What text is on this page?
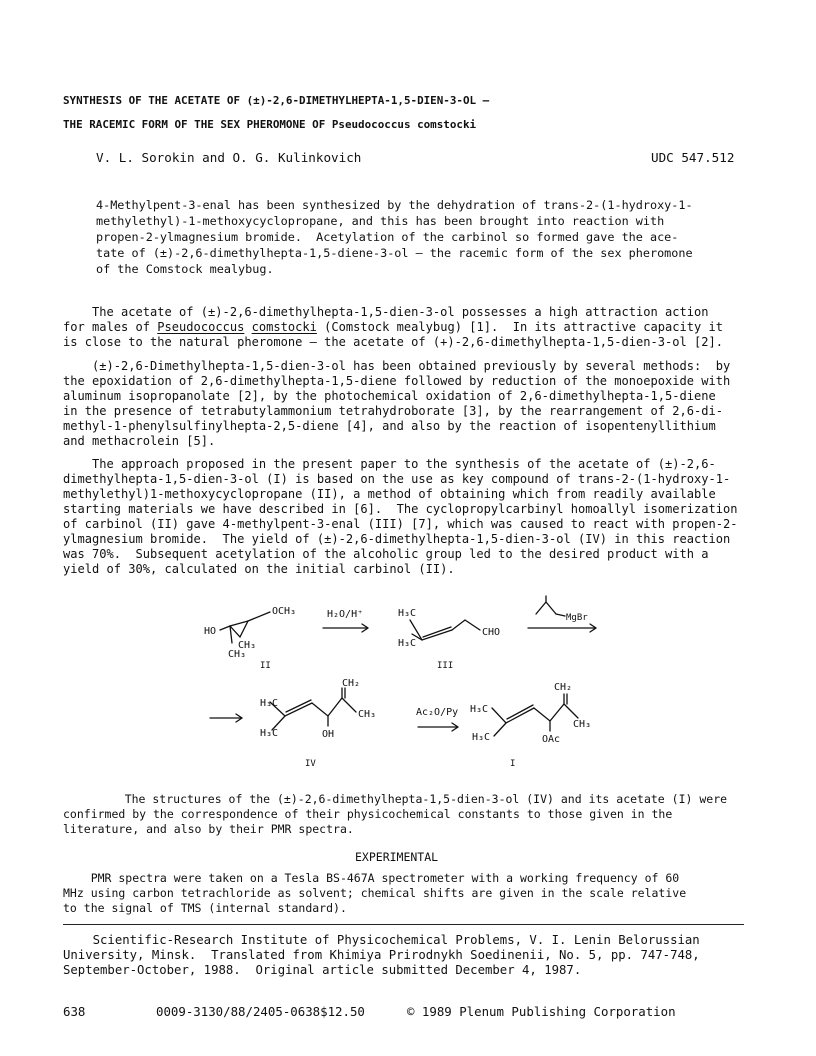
SYNTHESIS OF THE ACETATE OF (±)-2,6-DIMETHYLHEPTA-1,5-DIEN-3-OL —
THE RACEMIC FORM OF THE SEX PHEROMONE OF Pseudococcus comstocki
V. L. Sorokin and O. G. Kulinkovich	UDC 547.512
4-Methylpent-3-enal has been synthesized by the dehydration of trans-2-(1-hydroxy-1-
methylethyl)-1-methoxycyclopropane, and this has been brought into reaction with
propen-2-ylmagnesium bromide.  Acetylation of the carbinol so formed gave the ace-
tate of (±)-2,6-dimethylhepta-1,5-diene-3-ol — the racemic form of the sex pheromone
of the Comstock mealybug.
The acetate of (±)-2,6-dimethylhepta-1,5-dien-3-ol possesses a high attraction action
for males of Pseudococcus comstocki (Comstock mealybug) [1].  In its attractive capacity it
is close to the natural pheromone — the acetate of (+)-2,6-dimethylhepta-1,5-dien-3-ol [2].
(±)-2,6-Dimethylhepta-1,5-dien-3-ol has been obtained previously by several methods:  by
the epoxidation of 2,6-dimethylhepta-1,5-diene followed by reduction of the monoepoxide with
aluminum isopropanolate [2], by the photochemical oxidation of 2,6-dimethylhepta-1,5-diene
in the presence of tetrabutylammonium tetrahydroborate [3], by the rearrangement of 2,6-di-
methyl-1-phenylsulfinylhepta-2,5-diene [4], and also by the reaction of isopentenyllithium
and methacrolein [5].
The approach proposed in the present paper to the synthesis of the acetate of (±)-2,6-
dimethylhepta-1,5-dien-3-ol (I) is based on the use as key compound of trans-2-(1-hydroxy-1-
methylethyl)1-methoxycyclopropane (II), a method of obtaining which from readily available
starting materials we have described in [6].  The cyclopropylcarbinyl homoallyl isomerization
of carbinol (II) gave 4-methylpent-3-enal (III) [7], which was caused to react with propen-2-
ylmagnesium bromide.  The yield of (±)-2,6-dimethylhepta-1,5-dien-3-ol (IV) in this reaction
was 70%.  Subsequent acetylation of the alcoholic group led to the desired product with a
yield of 30%, calculated on the initial carbinol (II).
OCH₃
HO
CH₃
CH₃
II
H₂O/H⁺	H₃C
H₃C
CHO
III
MgBr
CH₂
H₃C
CH₃
H₃C	OH
IV
Ac₂O/Py
CH₂
H₃C
CH₃
H₃C	OAc
I
The structures of the (±)-2,6-dimethylhepta-1,5-dien-3-ol (IV) and its acetate (I) were
confirmed by the correspondence of their physicochemical constants to those given in the
literature, and also by their PMR spectra.
EXPERIMENTAL
PMR spectra were taken on a Tesla BS-467A spectrometer with a working frequency of 60
MHz using carbon tetrachloride as solvent; chemical shifts are given in the scale relative
to the signal of TMS (internal standard).
Scientific-Research Institute of Physicochemical Problems, V. I. Lenin Belorussian
University, Minsk.  Translated from Khimiya Prirodnykh Soedinenii, No. 5, pp. 747-748,
September-October, 1988.  Original article submitted December 4, 1987.
638	0009-3130/88/2405-0638$12.50	© 1989 Plenum Publishing Corporation
